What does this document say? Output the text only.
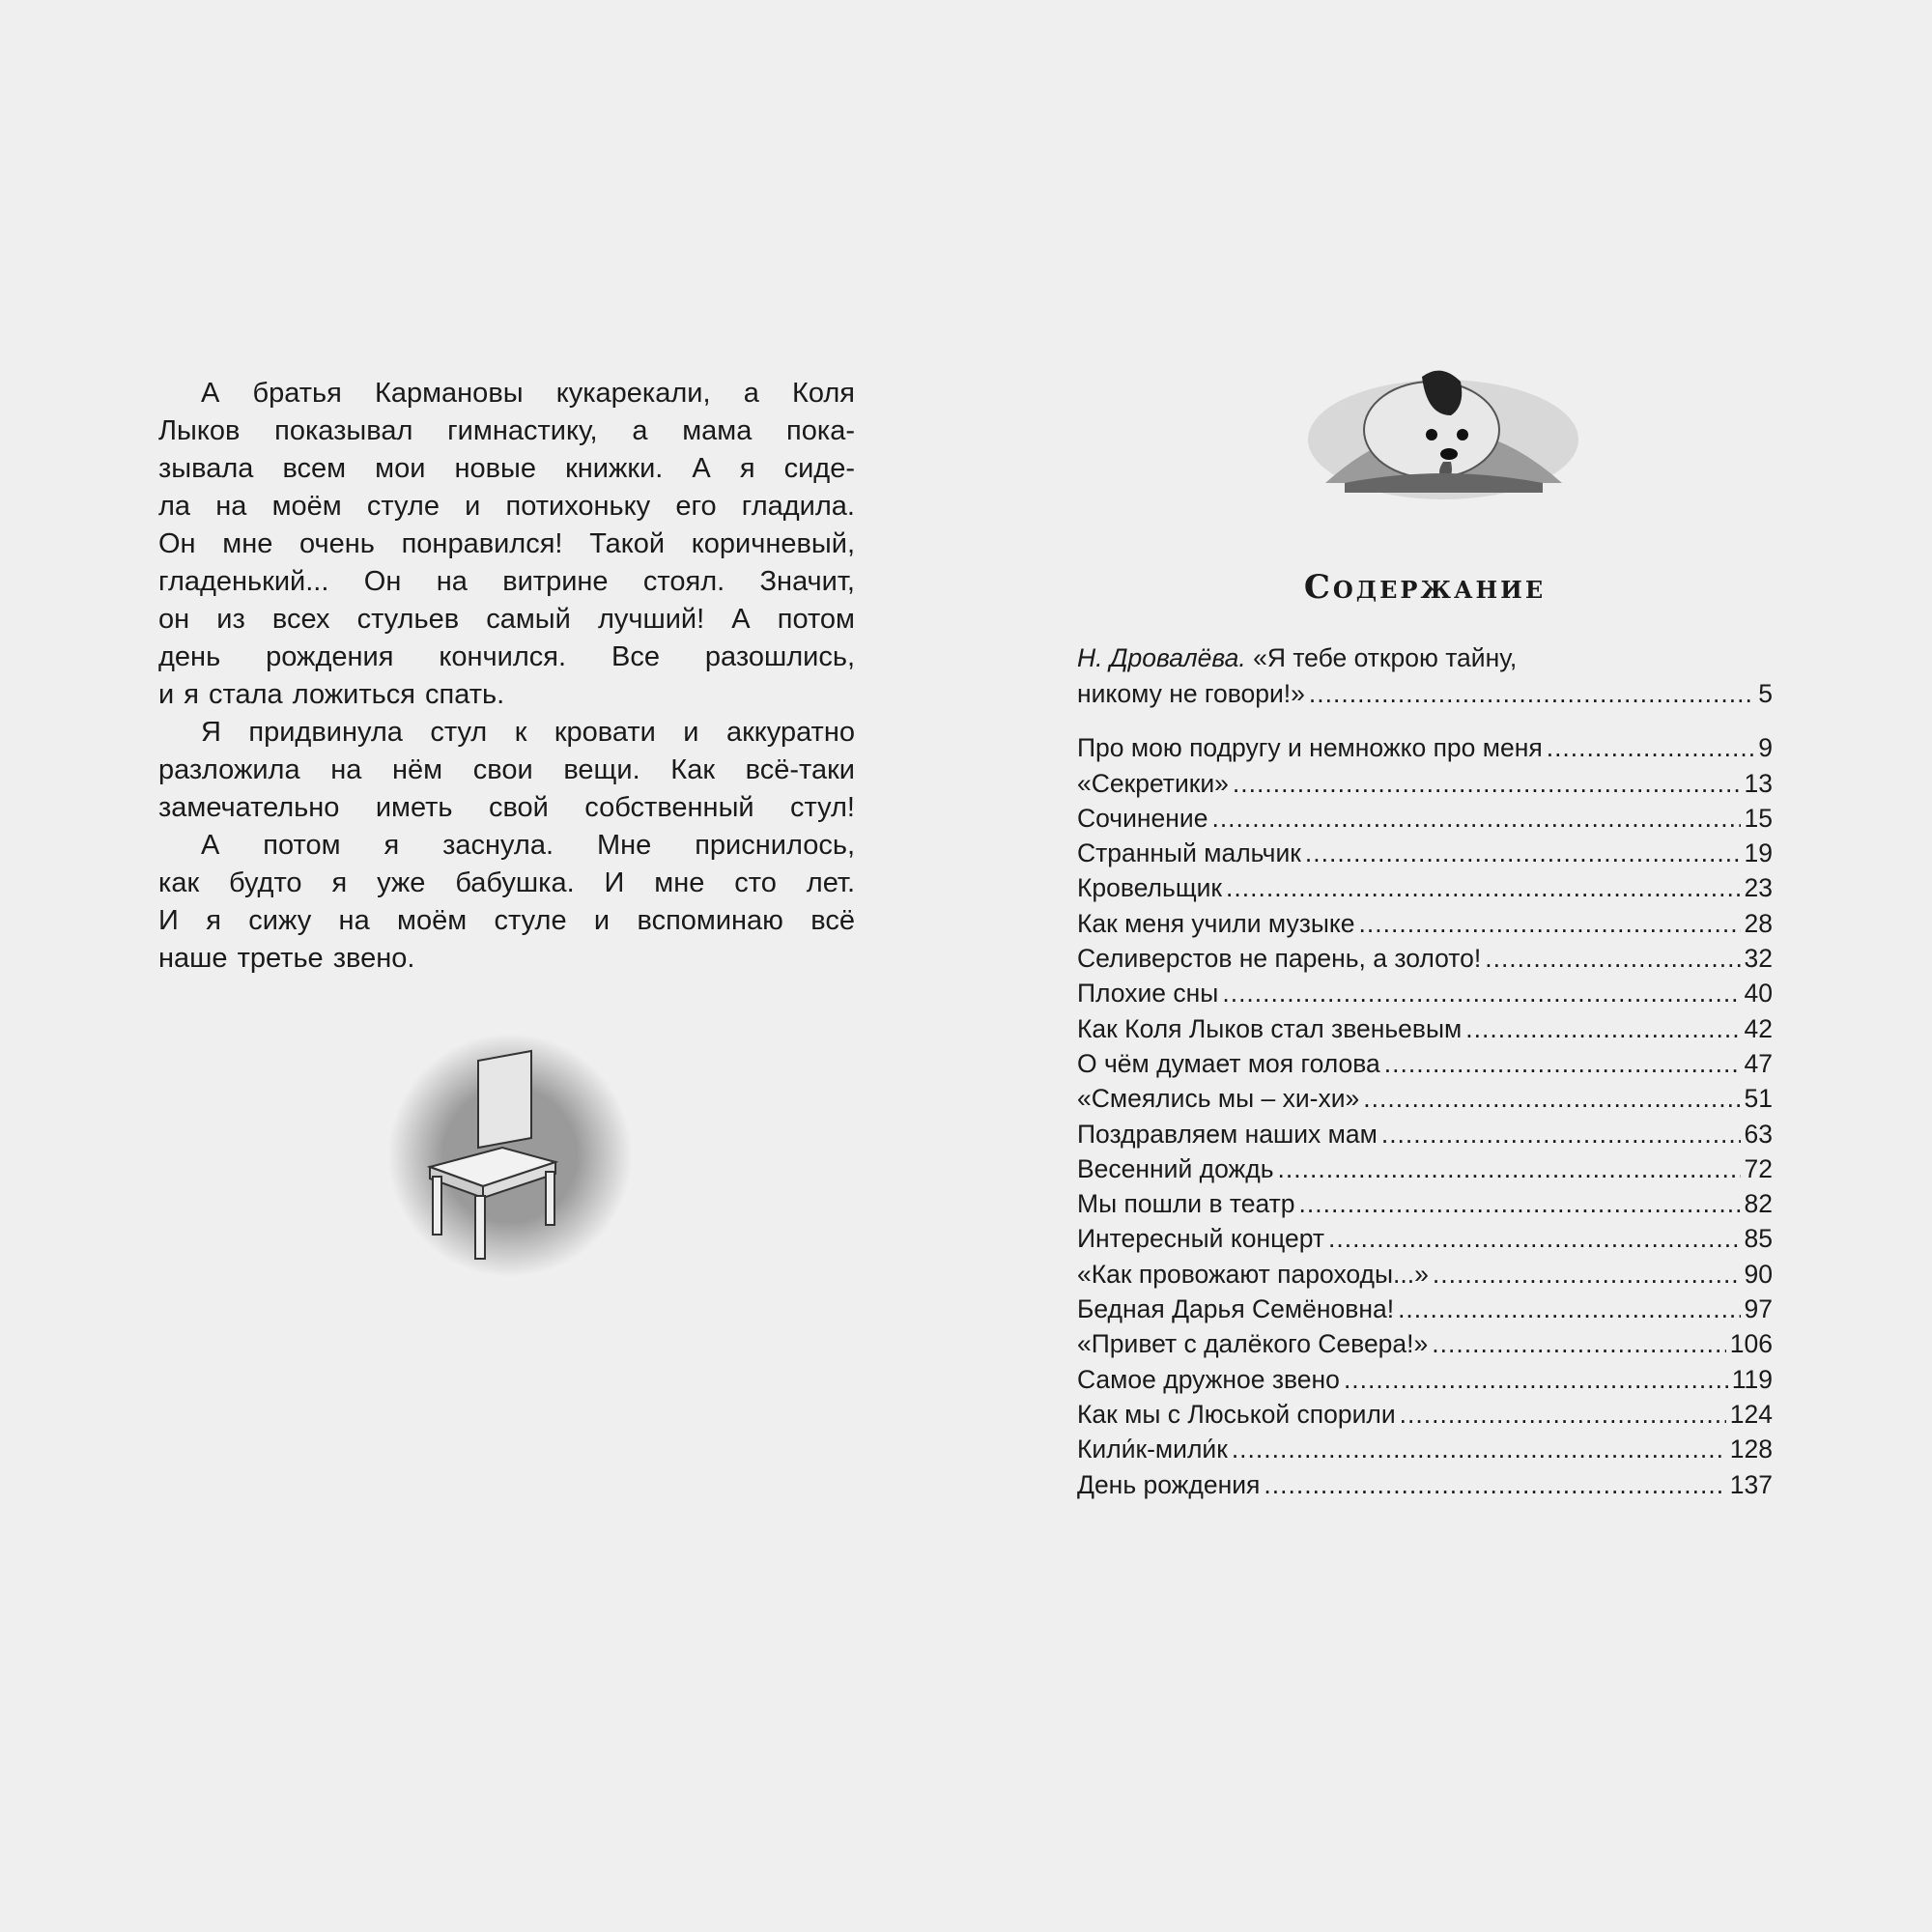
А братья Кармановы кукарекали, а Коля
Лыков показывал гимнастику, а мама пока-
зывала всем мои новые книжки. А я сиде-
ла на моём стуле и потихоньку его гладила.
Он мне очень понравился! Такой коричневый,
гладенький... Он на витрине стоял. Значит,
он из всех стульев самый лучший! А потом
день рождения кончился. Все разошлись,
и я стала ложиться спать.
Я придвинула стул к кровати и аккуратно
разложила на нём свои вещи. Как всё-таки
замечательно иметь свой собственный стул!
А потом я заснула. Мне приснилось,
как будто я уже бабушка. И мне сто лет.
И я сижу на моём стуле и вспоминаю всё
наше третье звено.
Содержание
Н. Дровалёва. «Я тебе открою тайну,
никому не говори!» .....	5
Про мою подругу и немножко про меня .....	9
«Секретики» .....	13
Сочинение .....	15
Странный мальчик .....	19
Кровельщик .....	23
Как меня учили музыке .....	28
Селиверстов не парень, а золото! .....	32
Плохие сны .....	40
Как Коля Лыков стал звеньевым .....	42
О чём думает моя голова .....	47
«Смеялись мы – хи-хи» .....	51
Поздравляем наших мам .....	63
Весенний дождь .....	72
Мы пошли в театр .....	82
Интересный концерт .....	85
«Как провожают пароходы...» .....	90
Бедная Дарья Семёновна! .....	97
«Привет с далёкого Севера!» .....	106
Самое дружное звено .....	119
Как мы с Люськой спорили .....	124
Кили́к-мили́к .....	128
День рождения .....	137
